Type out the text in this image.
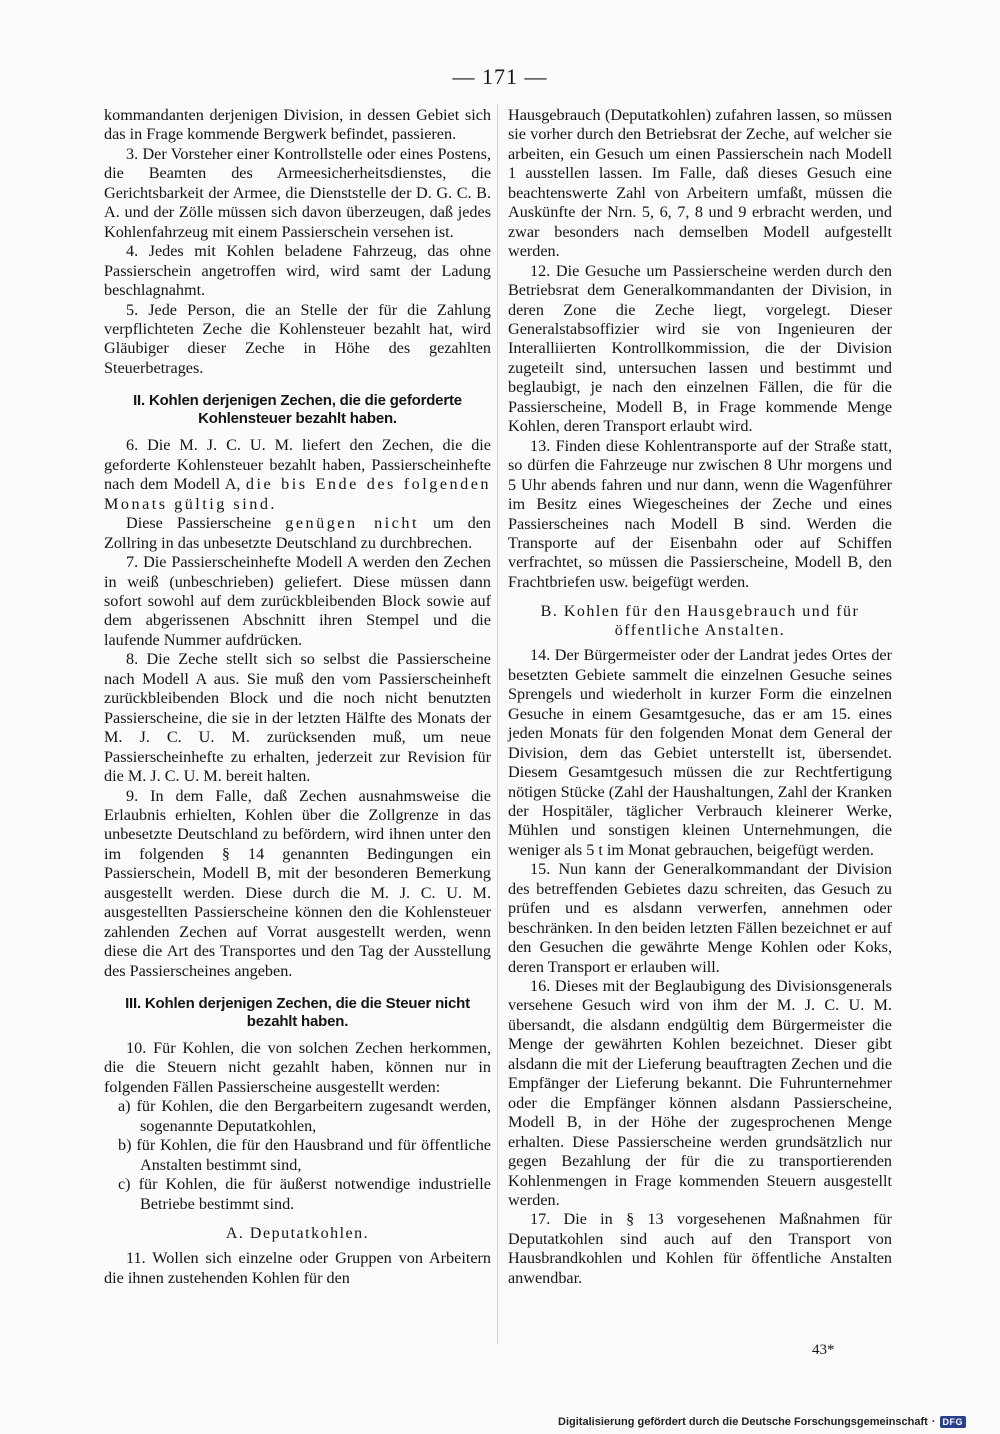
— 171 —

kommandanten derjenigen Division, in dessen Gebiet sich das in Frage kommende Bergwerk befindet, passieren.

3. Der Vorsteher einer Kontrollstelle oder eines Postens, die Beamten des Armeesicherheitsdienstes, die Gerichtsbarkeit der Armee, die Dienststelle der D. G. C. B. A. und der Zölle müssen sich davon überzeugen, daß jedes Kohlenfahrzeug mit einem Passierschein versehen ist.

4. Jedes mit Kohlen beladene Fahrzeug, das ohne Passierschein angetroffen wird, wird samt der Ladung beschlagnahmt.

5. Jede Person, die an Stelle der für die Zahlung verpflichteten Zeche die Kohlensteuer bezahlt hat, wird Gläubiger dieser Zeche in Höhe des gezahlten Steuerbetrages.

II. Kohlen derjenigen Zechen, die die geforderte Kohlensteuer bezahlt haben.

6. Die M. J. C. U. M. liefert den Zechen, die die geforderte Kohlensteuer bezahlt haben, Passierscheinhefte nach dem Modell A, die bis Ende des folgenden Monats gültig sind.

Diese Passierscheine genügen nicht um den Zollring in das unbesetzte Deutschland zu durchbrechen.

7. Die Passierscheinhefte Modell A werden den Zechen in weiß (unbeschrieben) geliefert. Diese müssen dann sofort sowohl auf dem zurückbleibenden Block sowie auf dem abgerissenen Abschnitt ihren Stempel und die laufende Nummer aufdrücken.

8. Die Zeche stellt sich so selbst die Passierscheine nach Modell A aus. Sie muß den vom Passierscheinheft zurückbleibenden Block und die noch nicht benutzten Passierscheine, die sie in der letzten Hälfte des Monats der M. J. C. U. M. zurücksenden muß, um neue Passierscheinhefte zu erhalten, jederzeit zur Revision für die M. J. C. U. M. bereit halten.

9. In dem Falle, daß Zechen ausnahmsweise die Erlaubnis erhielten, Kohlen über die Zollgrenze in das unbesetzte Deutschland zu befördern, wird ihnen unter den im folgenden § 14 genannten Bedingungen ein Passierschein, Modell B, mit der besonderen Bemerkung ausgestellt werden. Diese durch die M. J. C. U. M. ausgestellten Passierscheine können den die Kohlensteuer zahlenden Zechen auf Vorrat ausgestellt werden, wenn diese die Art des Transportes und den Tag der Ausstellung des Passierscheines angeben.

III. Kohlen derjenigen Zechen, die die Steuer nicht bezahlt haben.

10. Für Kohlen, die von solchen Zechen herkommen, die die Steuern nicht gezahlt haben, können nur in folgenden Fällen Passierscheine ausgestellt werden:

a) für Kohlen, die den Bergarbeitern zugesandt werden, sogenannte Deputatkohlen,
b) für Kohlen, die für den Hausbrand und für öffentliche Anstalten bestimmt sind,
c) für Kohlen, die für äußerst notwendige industrielle Betriebe bestimmt sind.
A. Deputatkohlen.

11. Wollen sich einzelne oder Gruppen von Arbeitern die ihnen zustehenden Kohlen für den

Hausgebrauch (Deputatkohlen) zufahren lassen, so müssen sie vorher durch den Betriebsrat der Zeche, auf welcher sie arbeiten, ein Gesuch um einen Passierschein nach Modell 1 ausstellen lassen. Im Falle, daß dieses Gesuch eine beachtenswerte Zahl von Arbeitern umfaßt, müssen die Auskünfte der Nrn. 5, 6, 7, 8 und 9 erbracht werden, und zwar besonders nach demselben Modell aufgestellt werden.

12. Die Gesuche um Passierscheine werden durch den Betriebsrat dem Generalkommandanten der Division, in deren Zone die Zeche liegt, vorgelegt. Dieser Generalstabsoffizier wird sie von Ingenieuren der Interalliierten Kontrollkommission, die der Division zugeteilt sind, untersuchen lassen und bestimmt und beglaubigt, je nach den einzelnen Fällen, die für die Passierscheine, Modell B, in Frage kommende Menge Kohlen, deren Transport erlaubt wird.

13. Finden diese Kohlentransporte auf der Straße statt, so dürfen die Fahrzeuge nur zwischen 8 Uhr morgens und 5 Uhr abends fahren und nur dann, wenn die Wagenführer im Besitz eines Wiegescheines der Zeche und eines Passierscheines nach Modell B sind. Werden die Transporte auf der Eisenbahn oder auf Schiffen verfrachtet, so müssen die Passierscheine, Modell B, den Frachtbriefen usw. beigefügt werden.

B. Kohlen für den Hausgebrauch und für öffentliche Anstalten.

14. Der Bürgermeister oder der Landrat jedes Ortes der besetzten Gebiete sammelt die einzelnen Gesuche seines Sprengels und wiederholt in kurzer Form die einzelnen Gesuche in einem Gesamtgesuche, das er am 15. eines jeden Monats für den folgenden Monat dem General der Division, dem das Gebiet unterstellt ist, übersendet. Diesem Gesamtgesuch müssen die zur Rechtfertigung nötigen Stücke (Zahl der Haushaltungen, Zahl der Kranken der Hospitäler, täglicher Verbrauch kleinerer Werke, Mühlen und sonstigen kleinen Unternehmungen, die weniger als 5 t im Monat gebrauchen, beigefügt werden.

15. Nun kann der Generalkommandant der Division des betreffenden Gebietes dazu schreiten, das Gesuch zu prüfen und es alsdann verwerfen, annehmen oder beschränken. In den beiden letzten Fällen bezeichnet er auf den Gesuchen die gewährte Menge Kohlen oder Koks, deren Transport er erlauben will.

16. Dieses mit der Beglaubigung des Divisionsgenerals versehene Gesuch wird von ihm der M. J. C. U. M. übersandt, die alsdann endgültig dem Bürgermeister die Menge der gewährten Kohlen bezeichnet. Dieser gibt alsdann die mit der Lieferung beauftragten Zechen und die Empfänger der Lieferung bekannt. Die Fuhrunternehmer oder die Empfänger können alsdann Passierscheine, Modell B, in der Höhe der zugesprochenen Menge erhalten. Diese Passierscheine werden grundsätzlich nur gegen Bezahlung der für die zu transportierenden Kohlenmengen in Frage kommenden Steuern ausgestellt werden.

17. Die in § 13 vorgesehenen Maßnahmen für Deputatkohlen sind auch auf den Transport von Hausbrandkohlen und Kohlen für öffentliche Anstalten anwendbar.

43*
Digitalisierung gefördert durch die Deutsche Forschungsgemeinschaft · DFG
